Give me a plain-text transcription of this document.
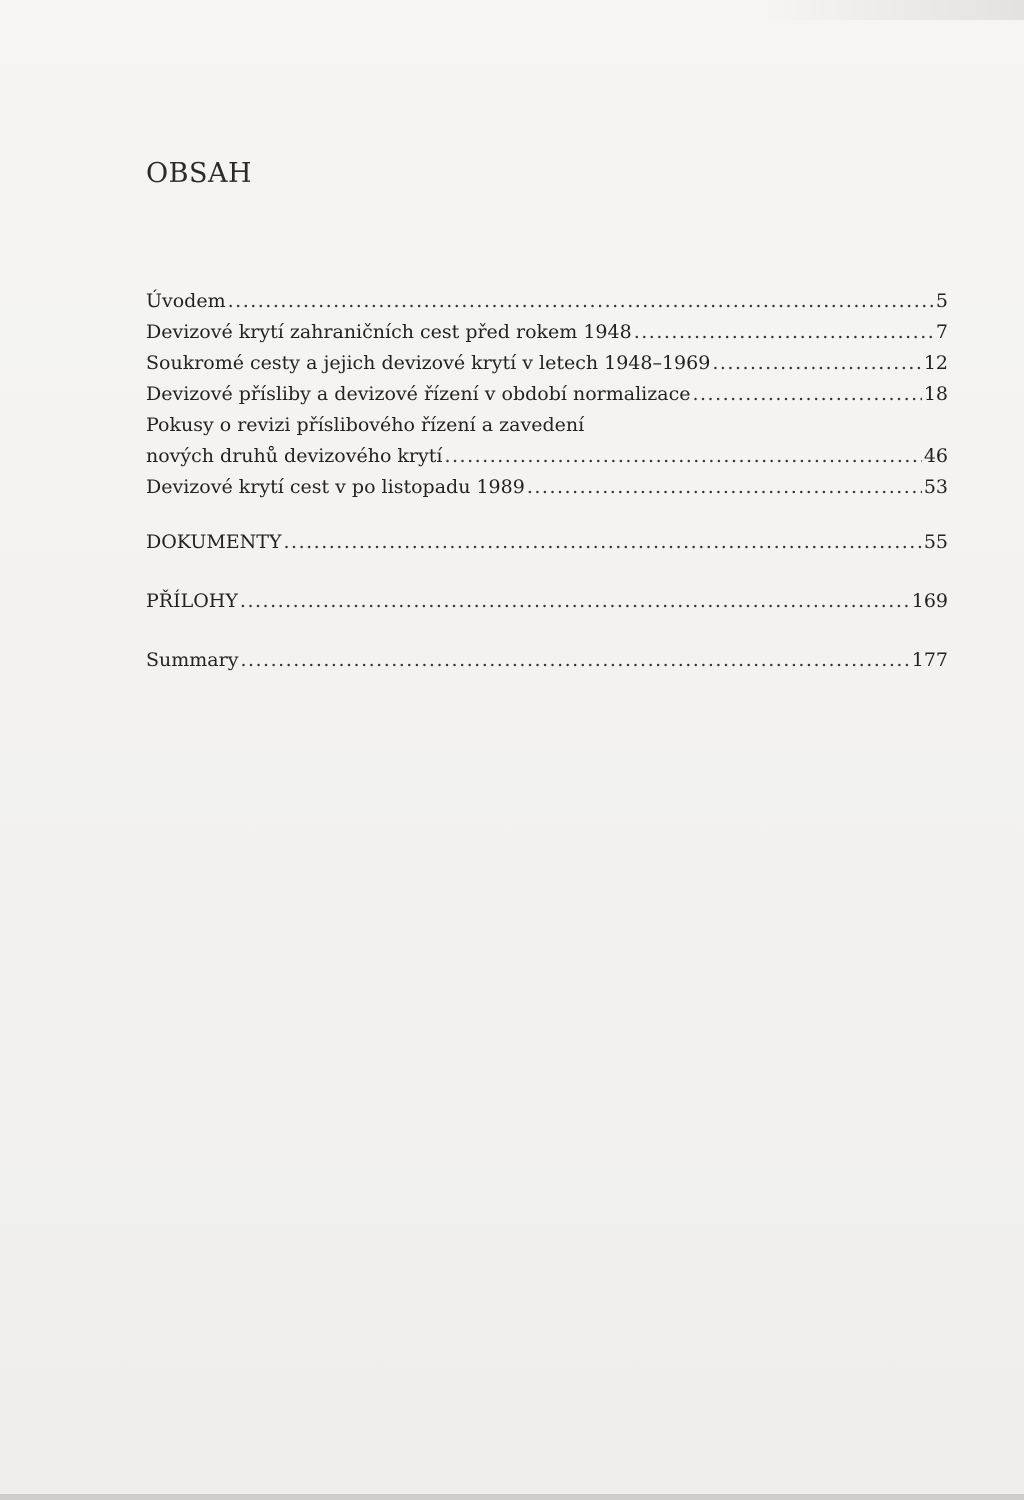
OBSAH
Úvodem .....	5
Devizové krytí zahraničních cest před rokem 1948 .....	7
Soukromé cesty a jejich devizové krytí v letech 1948–1969 .....	12
Devizové přísliby a devizové řízení v období normalizace .....	18
Pokusy o revizi příslibového řízení a zavedení
nových druhů devizového krytí .....	46
Devizové krytí cest v po listopadu 1989 .....	53
DOKUMENTY .....	55
PŘÍLOHY .....	169
Summary .....	177
